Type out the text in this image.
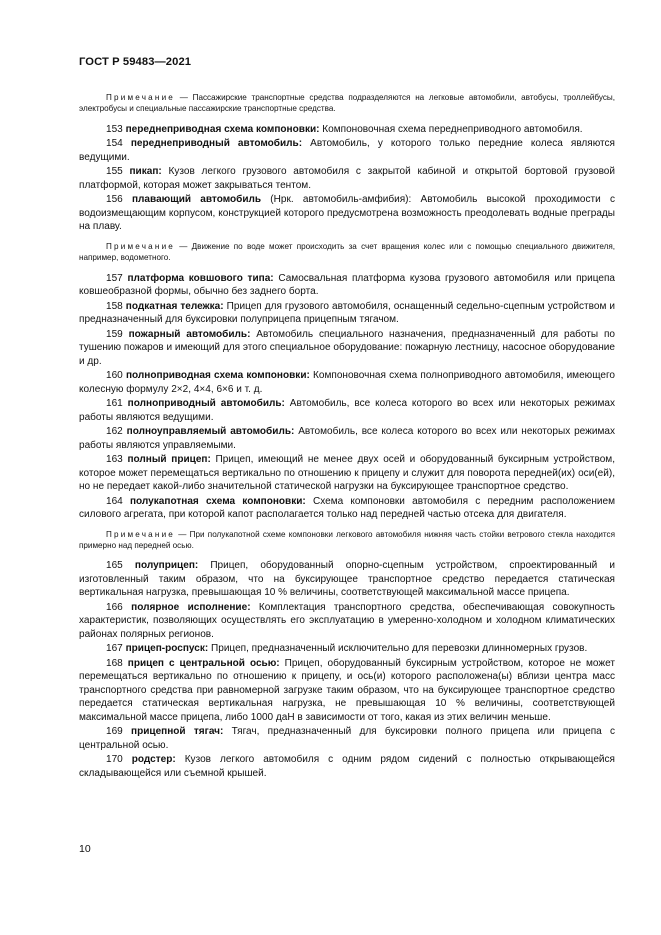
ГОСТ Р 59483—2021

Примечание — Пассажирские транспортные средства подразделяются на легковые автомобили, автобусы, троллейбусы, электробусы и специальные пассажирские транспортные средства.

153 переднеприводная схема компоновки: Компоновочная схема переднеприводного автомобиля.

154 переднеприводный автомобиль: Автомобиль, у которого только передние колеса являются ведущими.

155 пикап: Кузов легкого грузового автомобиля с закрытой кабиной и открытой бортовой грузовой платформой, которая может закрываться тентом.

156 плавающий автомобиль (Нрк. автомобиль-амфибия): Автомобиль высокой проходимости с водоизмещающим корпусом, конструкцией которого предусмотрена возможность преодолевать водные преграды на плаву.

Примечание — Движение по воде может происходить за счет вращения колес или с помощью специального движителя, например, водометного.

157 платформа ковшового типа: Самосвальная платформа кузова грузового автомобиля или прицепа ковшеобразной формы, обычно без заднего борта.

158 подкатная тележка: Прицеп для грузового автомобиля, оснащенный седельно-сцепным устройством и предназначенный для буксировки полуприцепа прицепным тягачом.

159 пожарный автомобиль: Автомобиль специального назначения, предназначенный для работы по тушению пожаров и имеющий для этого специальное оборудование: пожарную лестницу, насосное оборудование и др.

160 полноприводная схема компоновки: Компоновочная схема полноприводного автомобиля, имеющего колесную формулу 2×2, 4×4, 6×6 и т. д.

161 полноприводный автомобиль: Автомобиль, все колеса которого во всех или некоторых режимах работы являются ведущими.

162 полноуправляемый автомобиль: Автомобиль, все колеса которого во всех или некоторых режимах работы являются управляемыми.

163 полный прицеп: Прицеп, имеющий не менее двух осей и оборудованный буксирным устройством, которое может перемещаться вертикально по отношению к прицепу и служит для поворота передней(их) оси(ей), но не передает какой-либо значительной статической нагрузки на буксирующее транспортное средство.

164 полукапотная схема компоновки: Схема компоновки автомобиля с передним расположением силового агрегата, при которой капот располагается только над передней частью отсека для двигателя.

Примечание — При полукапотной схеме компоновки легкового автомобиля нижняя часть стойки ветрового стекла находится примерно над передней осью.

165 полуприцеп: Прицеп, оборудованный опорно-сцепным устройством, спроектированный и изготовленный таким образом, что на буксирующее транспортное средство передается статическая вертикальная нагрузка, превышающая 10 % величины, соответствующей максимальной массе прицепа.

166 полярное исполнение: Комплектация транспортного средства, обеспечивающая совокупность характеристик, позволяющих осуществлять его эксплуатацию в умеренно-холодном и холодном климатических районах полярных регионов.

167 прицеп-роспуск: Прицеп, предназначенный исключительно для перевозки длинномерных грузов.

168 прицеп с центральной осью: Прицеп, оборудованный буксирным устройством, которое не может перемещаться вертикально по отношению к прицепу, и ось(и) которого расположена(ы) вблизи центра масс транспортного средства при равномерной загрузке таким образом, что на буксирующее транспортное средство передается статическая вертикальная нагрузка, не превышающая 10 % величины, соответствующей максимальной массе прицепа, либо 1000 даН в зависимости от того, какая из этих величин меньше.

169 прицепной тягач: Тягач, предназначенный для буксировки полного прицепа или прицепа с центральной осью.

170 родстер: Кузов легкого автомобиля с одним рядом сидений с полностью открывающейся складывающейся или съемной крышей.

10
